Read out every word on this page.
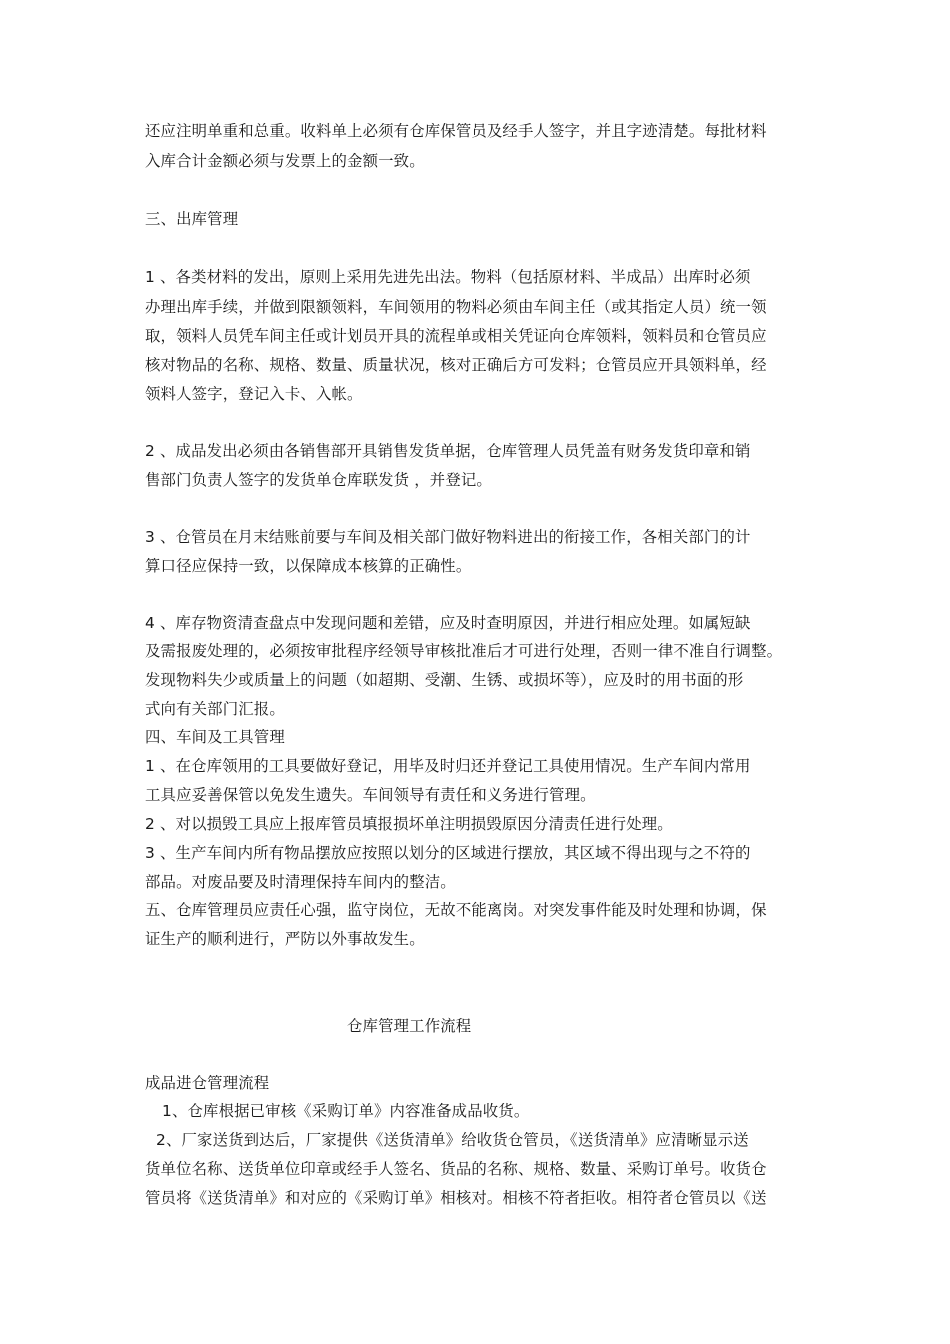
还应注明单重和总重。收料单上必须有仓库保管员及经手人签字，并且字迹清楚。每批材料
入库合计金额必须与发票上的金额一致。
三、出库管理
1 、各类材料的发出，原则上采用先进先出法。物料（包括原材料、半成品）出库时必须
办理出库手续，并做到限额领料，车间领用的物料必须由车间主任（或其指定人员）统一领
取，领料人员凭车间主任或计划员开具的流程单或相关凭证向仓库领料，领料员和仓管员应
核对物品的名称、规格、数量、质量状况，核对正确后方可发料；仓管员应开具领料单，经
领料人签字，登记入卡、入帐。
2 、成品发出必须由各销售部开具销售发货单据，仓库管理人员凭盖有财务发货印章和销
售部门负责人签字的发货单仓库联发货 ，并登记。
3 、仓管员在月末结账前要与车间及相关部门做好物料进出的衔接工作，各相关部门的计
算口径应保持一致，以保障成本核算的正确性。
4 、库存物资清查盘点中发现问题和差错，应及时查明原因，并进行相应处理。如属短缺
及需报废处理的，必须按审批程序经领导审核批准后才可进行处理，否则一律不准自行调整。
发现物料失少或质量上的问题（如超期、受潮、生锈、或损坏等），应及时的用书面的形
式向有关部门汇报。
四、车间及工具管理
1 、在仓库领用的工具要做好登记，用毕及时归还并登记工具使用情况。生产车间内常用
工具应妥善保管以免发生遗失。车间领导有责任和义务进行管理。
2 、对以损毁工具应上报库管员填报损坏单注明损毁原因分清责任进行处理。
3 、生产车间内所有物品摆放应按照以划分的区域进行摆放，其区域不得出现与之不符的
部品。对废品要及时清理保持车间内的整洁。
五、仓库管理员应责任心强，监守岗位，无故不能离岗。对突发事件能及时处理和协调，保
证生产的顺利进行，严防以外事故发生。
仓库管理工作流程
成品进仓管理流程
1、仓库根据已审核《采购订单》内容准备成品收货。
2、厂家送货到达后，厂家提供《送货清单》给收货仓管员，《送货清单》应清晰显示送
货单位名称、送货单位印章或经手人签名、货品的名称、规格、数量、采购订单号。收货仓
管员将《送货清单》和对应的《采购订单》相核对。相核不符者拒收。相符者仓管员以《送
